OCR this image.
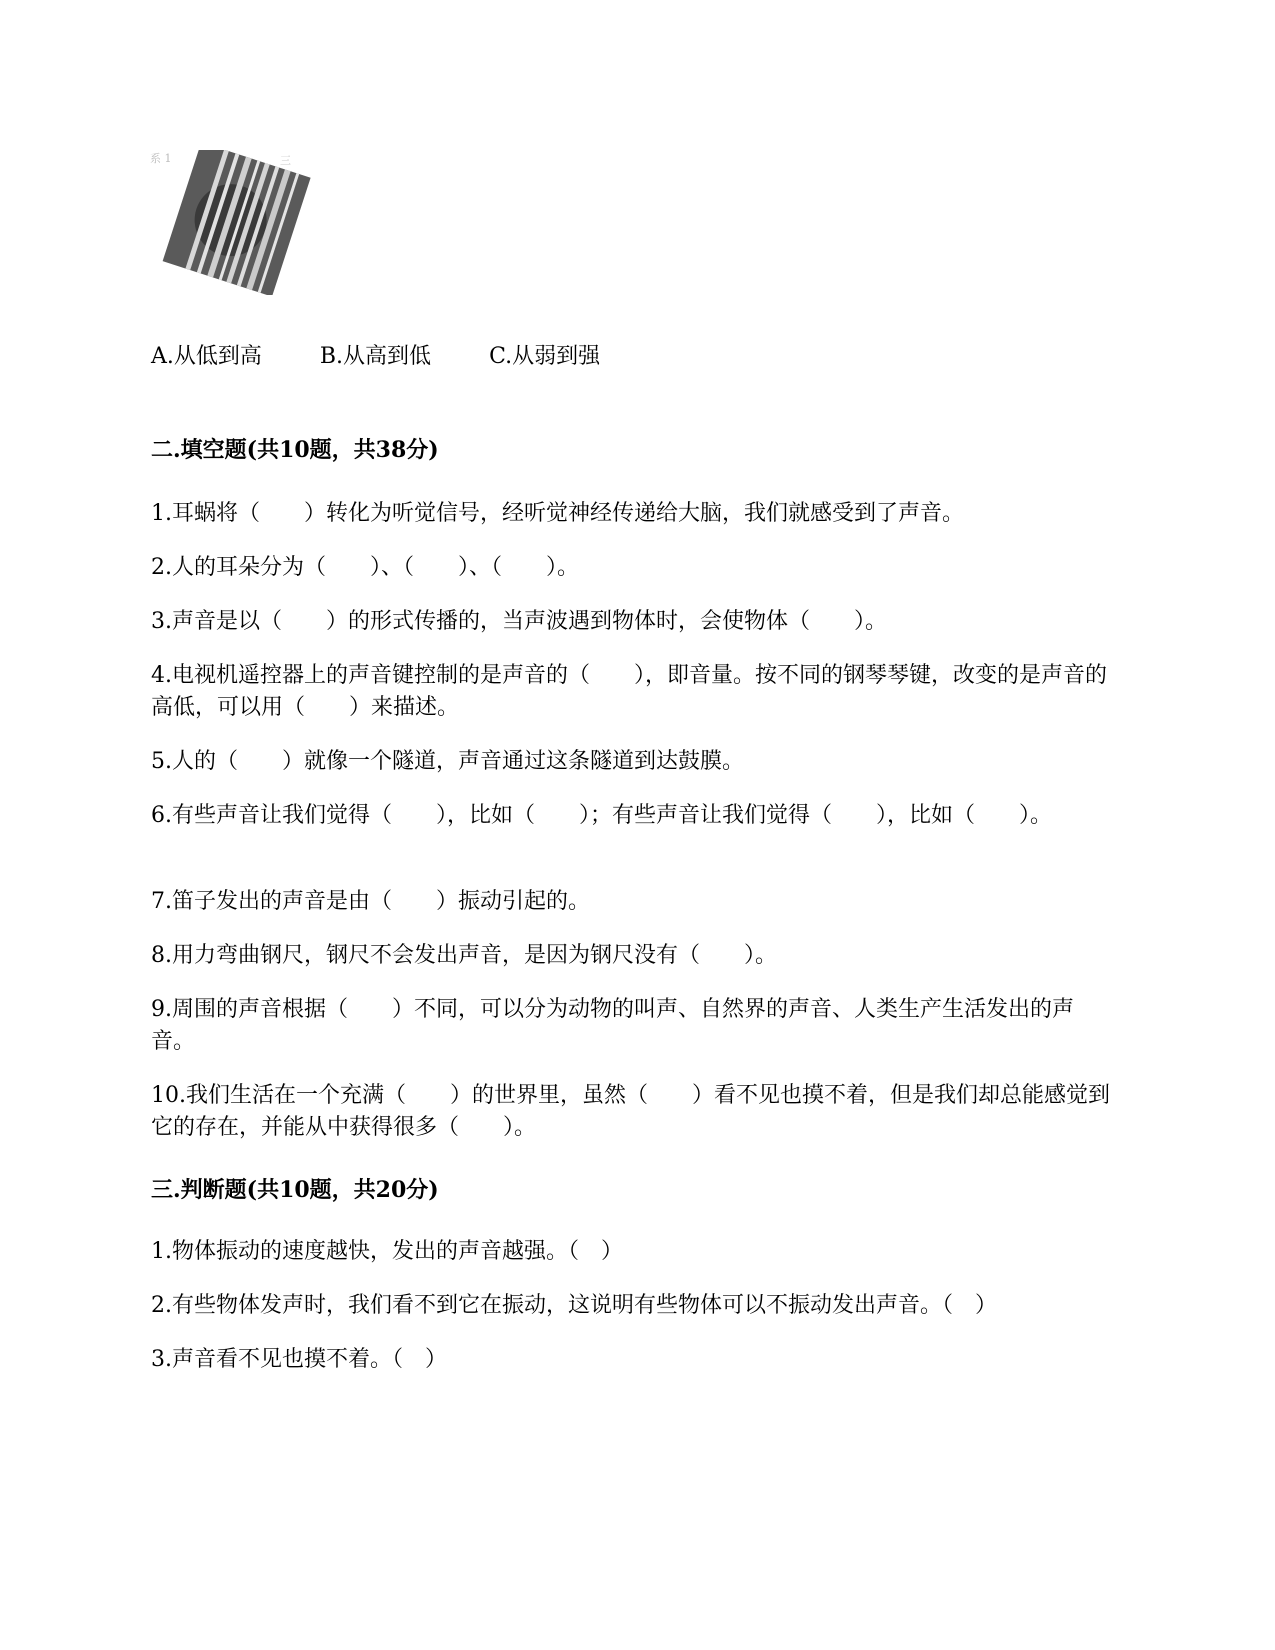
系 1	三
A.从低到高	B.从高到低	C.从弱到强
二.填空题(共10题，共38分)
1.耳蜗将（　　）转化为听觉信号，经听觉神经传递给大脑，我们就感受到了声音。
2.人的耳朵分为（　　）、（　　）、（　　）。
3.声音是以（　　）的形式传播的，当声波遇到物体时，会使物体（　　）。
4.电视机遥控器上的声音键控制的是声音的（　　），即音量。按不同的钢琴琴键，改变的是声音的高低，可以用（　　）来描述。
5.人的（　　）就像一个隧道，声音通过这条隧道到达鼓膜。
6.有些声音让我们觉得（　　），比如（　　）；有些声音让我们觉得（　　），比如（　　）。
7.笛子发出的声音是由（　　）振动引起的。
8.用力弯曲钢尺，钢尺不会发出声音，是因为钢尺没有（　　）。
9.周围的声音根据（　　）不同，可以分为动物的叫声、自然界的声音、人类生产生活发出的声音。
10.我们生活在一个充满（　　）的世界里，虽然（　　）看不见也摸不着，但是我们却总能感觉到它的存在，并能从中获得很多（　　）。
三.判断题(共10题，共20分)
1.物体振动的速度越快，发出的声音越强。（　）
2.有些物体发声时，我们看不到它在振动，这说明有些物体可以不振动发出声音。（　）
3.声音看不见也摸不着。（　）
